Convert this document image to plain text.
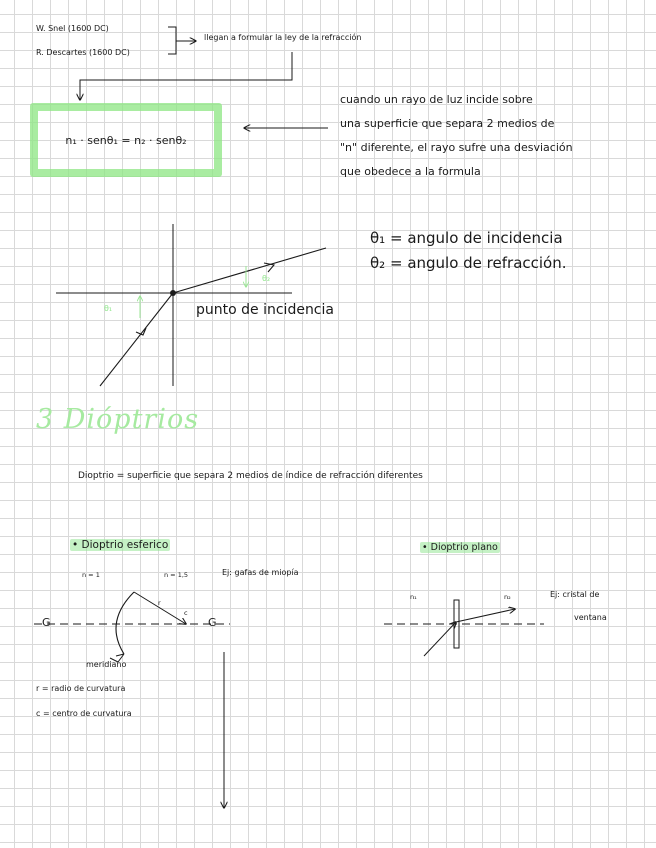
W. Snel (1600 DC)
R. Descartes (1600 DC)
llegan a formular la ley de la refracción
n₁ · senθ₁ = n₂ · senθ₂
cuando un rayo de luz incide sobre
una superficie que separa 2 medios de
"n" diferente, el rayo sufre una desviación
que obedece a la formula
θ₁
θ₂
punto de incidencia
θ₁ = angulo de incidencia
θ₂ = angulo de refracción.
3 Dióptrios
Dioptrio = superficie que separa 2 medios de índice de refracción diferentes
• Dioptrio esferico
n = 1	n = 1,5	Ej: gafas de miopía
r
c
G	G
meridiano
r = radio de curvatura
c = centro de curvatura
• Dioptrio plano
n₁	n₂	Ej: cristal de
ventana
